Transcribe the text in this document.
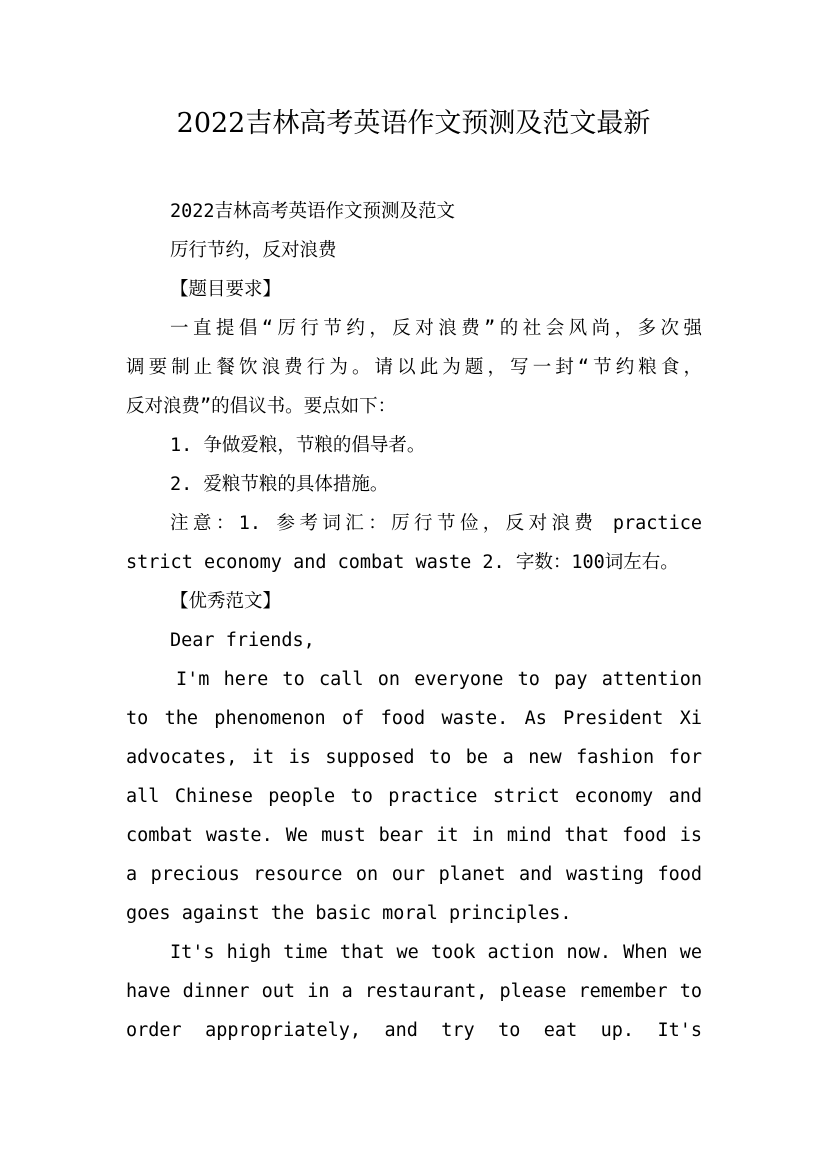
2022吉林高考英语作文预测及范文最新
2022吉林高考英语作文预测及范文
厉行节约，反对浪费
【题目要求】
一直提倡“厉行节约，反对浪费”的社会风尚，多次强
调要制止餐饮浪费行为。请以此为题，写一封“节约粮食，
反对浪费”的倡议书。要点如下：
1. 争做爱粮，节粮的倡导者。
2. 爱粮节粮的具体措施。
注意：1. 参考词汇：厉行节俭，反对浪费 practice
strict economy and combat waste 2. 字数：100词左右。
【优秀范文】
Dear friends,
I'm here to call on everyone to pay attention
to the phenomenon of food waste. As President Xi
advocates, it is supposed to be a new fashion for
all Chinese people to practice strict economy and
combat waste. We must bear it in mind that food is
a precious resource on our planet and wasting food
goes against the basic moral principles.
It's high time that we took action now. When we
have dinner out in a restaurant, please remember to
order appropriately, and try to eat up. It's
